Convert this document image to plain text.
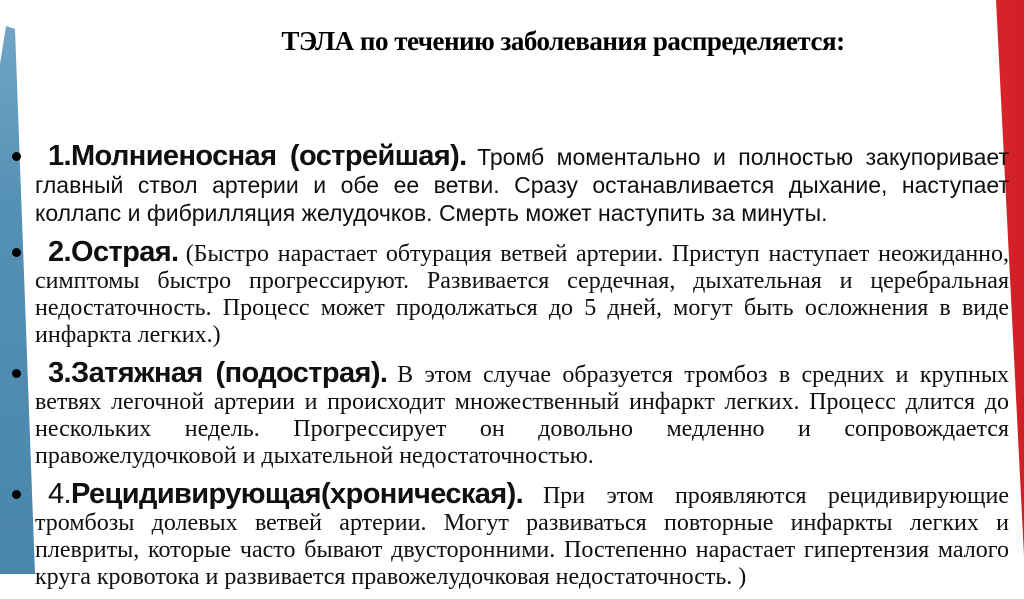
ТЭЛА по течению заболевания распределяется:
1.Молниеносная (острейшая). Тромб моментально и полностью закупоривает главный ствол артерии и обе ее ветви. Сразу останавливается дыхание, наступает коллапс и фибрилляция желудочков. Смерть может наступить за минуты.
2.Острая. (Быстро нарастает обтурация ветвей артерии. Приступ наступает неожиданно, симптомы быстро прогрессируют. Развивается сердечная, дыхательная и церебральная недостаточность. Процесс может продолжаться до 5 дней, могут быть осложнения в виде инфаркта легких.)
3.Затяжная (подострая). В этом случае образуется тромбоз в средних и крупных ветвях легочной артерии и происходит множественный инфаркт легких. Процесс длится до нескольких недель. Прогрессирует он довольно медленно и сопровождается правожелудочковой и дыхательной недостаточностью.
4.Рецидивирующая(хроническая). При этом проявляются рецидивирующие тромбозы долевых ветвей артерии. Могут развиваться повторные инфаркты легких и плевриты, которые часто бывают двусторонними. Постепенно нарастает гипертензия малого круга кровотока и развивается правожелудочковая недостаточность. )
